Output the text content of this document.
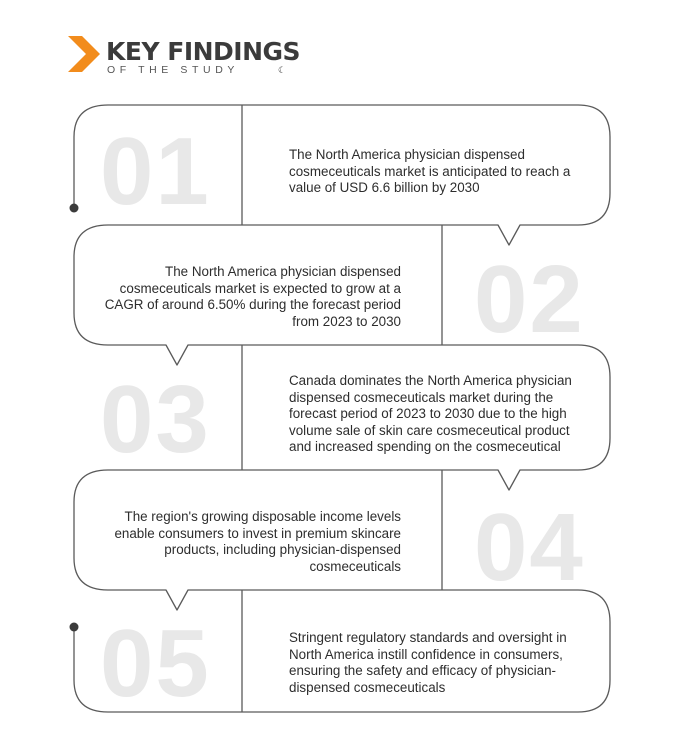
KEY FINDINGS
OF THE STUDY	☾
01	The North America physician dispensed cosmeceuticals market is anticipated to reach a value of USD 6.6 billion by 2030
02
The North America physician dispensed cosmeceuticals market is expected to grow at a CAGR of around 6.50% during the forecast period from 2023 to 2030
03	Canada dominates the North America physician dispensed cosmeceuticals market during the forecast period of 2023 to 2030 due to the high volume sale of skin care cosmeceutical product and increased spending on the cosmeceutical
04
The region's growing disposable income levels enable consumers to invest in premium skincare products, including physician-dispensed cosmeceuticals
05	Stringent regulatory standards and oversight in North America instill confidence in consumers, ensuring the safety and efficacy of physician-dispensed cosmeceuticals
